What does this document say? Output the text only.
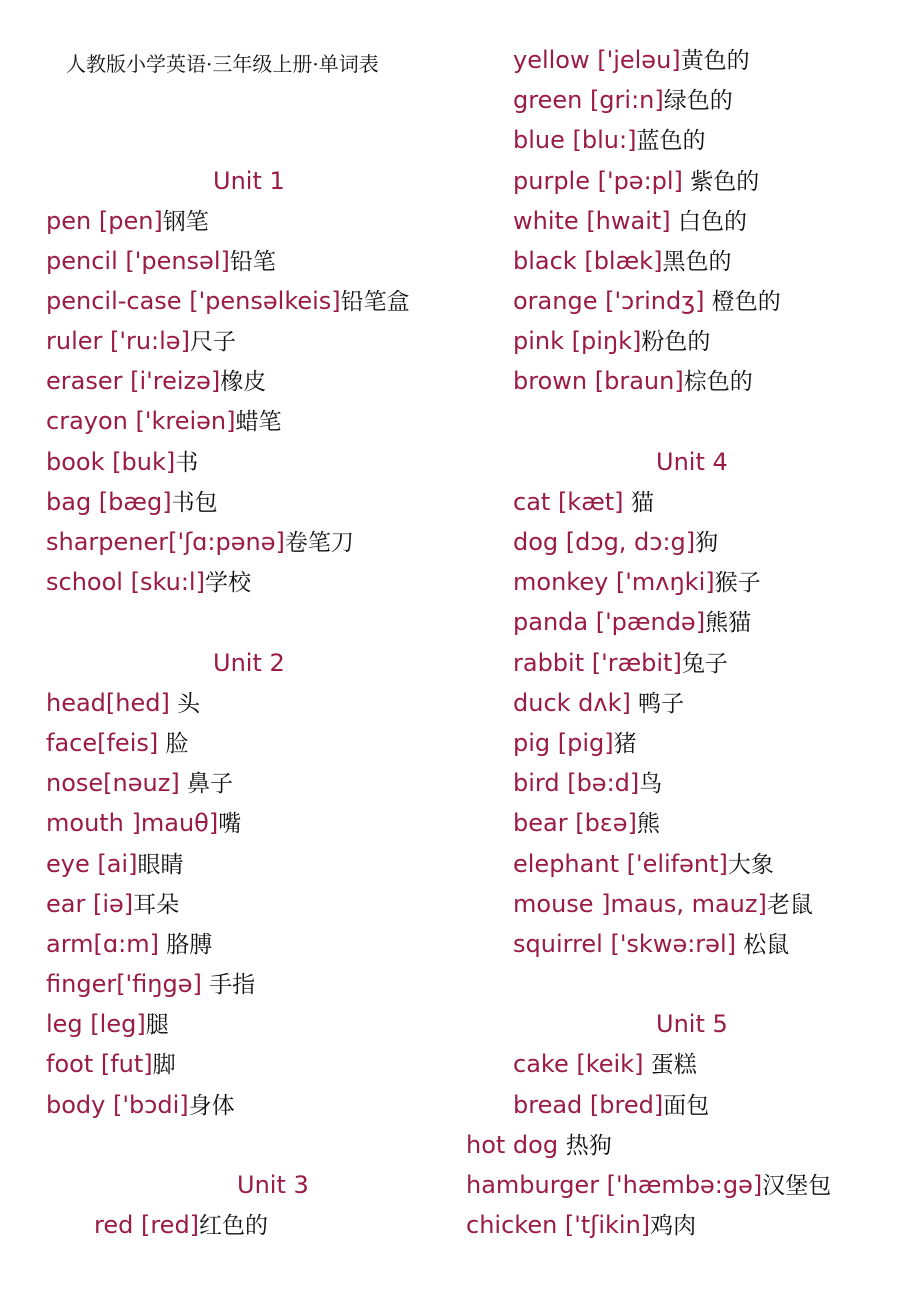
人教版小学英语·三年级上册·单词表
Unit 1
Unit 2
Unit 3
Unit 4
Unit 5
pen [pen]钢笔
pencil ['pensəl]铅笔
pencil-case ['pensəlkeis]铅笔盒
ruler ['ru:lə]尺子
eraser [i'reizə]橡皮
crayon ['kreiən]蜡笔
book [buk]书
bag [bæg]书包
sharpener['ʃɑ:pənə]卷笔刀
school [sku:l]学校
head[hed] 头
face[feis] 脸
nose[nəuz] 鼻子
mouth ]mauθ]嘴
eye [ai]眼睛
ear [iə]耳朵
arm[ɑ:m] 胳膊
finger['fiŋgə] 手指
leg [leg]腿
foot [fut]脚
body ['bɔdi]身体
red [red]红色的
yellow ['jeləu]黄色的
green [gri:n]绿色的
blue [blu:]蓝色的
purple ['pə:pl] 紫色的
white [hwait] 白色的
black [blæk]黑色的
orange ['ɔrindʒ] 橙色的
pink [piŋk]粉色的
brown [braun]棕色的
cat [kæt] 猫
dog [dɔg, dɔ:g]狗
monkey ['mʌŋki]猴子
panda ['pændə]熊猫
rabbit ['ræbit]兔子
duck dʌk] 鸭子
pig [pig]猪
bird [bə:d]鸟
bear [bɛə]熊
elephant ['elifənt]大象
mouse ]maus, mauz]老鼠
squirrel ['skwə:rəl] 松鼠
cake [keik] 蛋糕
bread [bred]面包
hot dog 热狗
hamburger ['hæmbə:gə]汉堡包
chicken ['tʃikin]鸡肉
